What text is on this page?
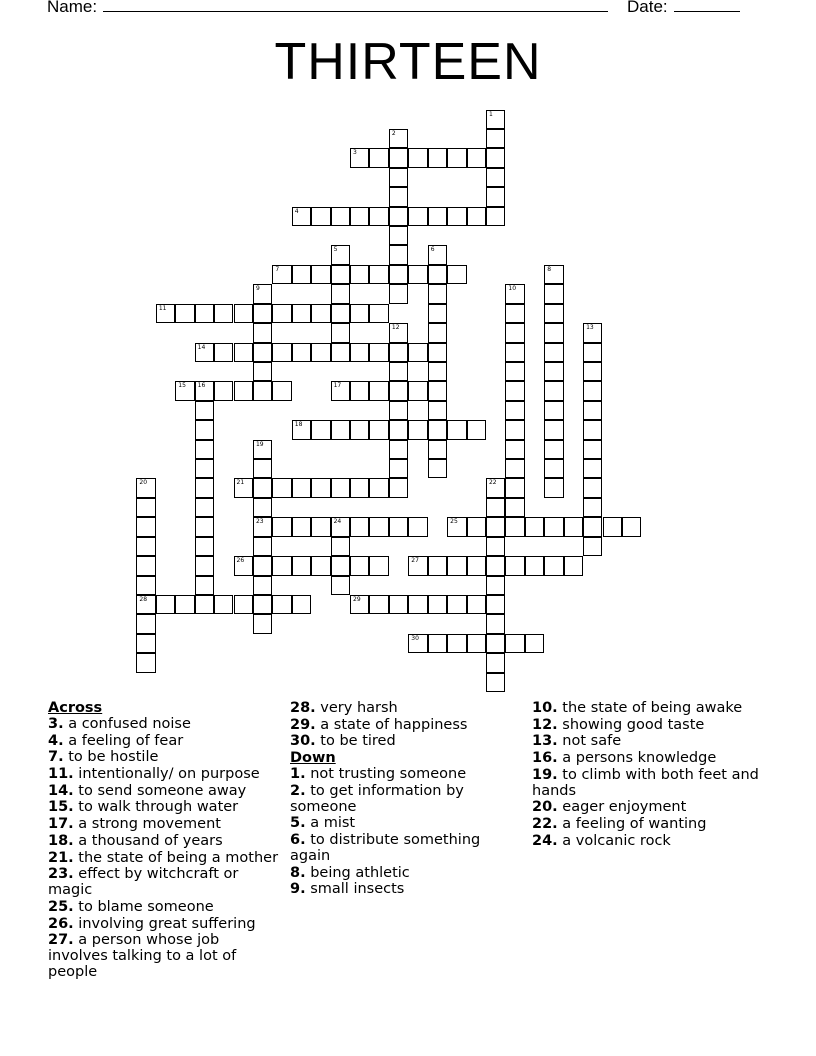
Name:	Date:
THIRTEEN
3
4
7
11
14
15 16	17
18
21
23	24	25
26	27
28	29
30
1
2
5	6
8
9	10
12	13
19
20	22
Across
3. a confused noise
4. a feeling of fear
7. to be hostile
11. intentionally/ on purpose
14. to send someone away
15. to walk through water
17. a strong movement
18. a thousand of years
21. the state of being a mother
23. effect by witchcraft or magic
25. to blame someone
26. involving great suffering
27. a person whose job involves talking to a lot of people
28. very harsh
29. a state of happiness
30. to be tired
Down
1. not trusting someone
2. to get information by someone
5. a mist
6. to distribute something again
8. being athletic
9. small insects
10. the state of being awake
12. showing good taste
13. not safe
16. a persons knowledge
19. to climb with both feet and hands
20. eager enjoyment
22. a feeling of wanting
24. a volcanic rock
